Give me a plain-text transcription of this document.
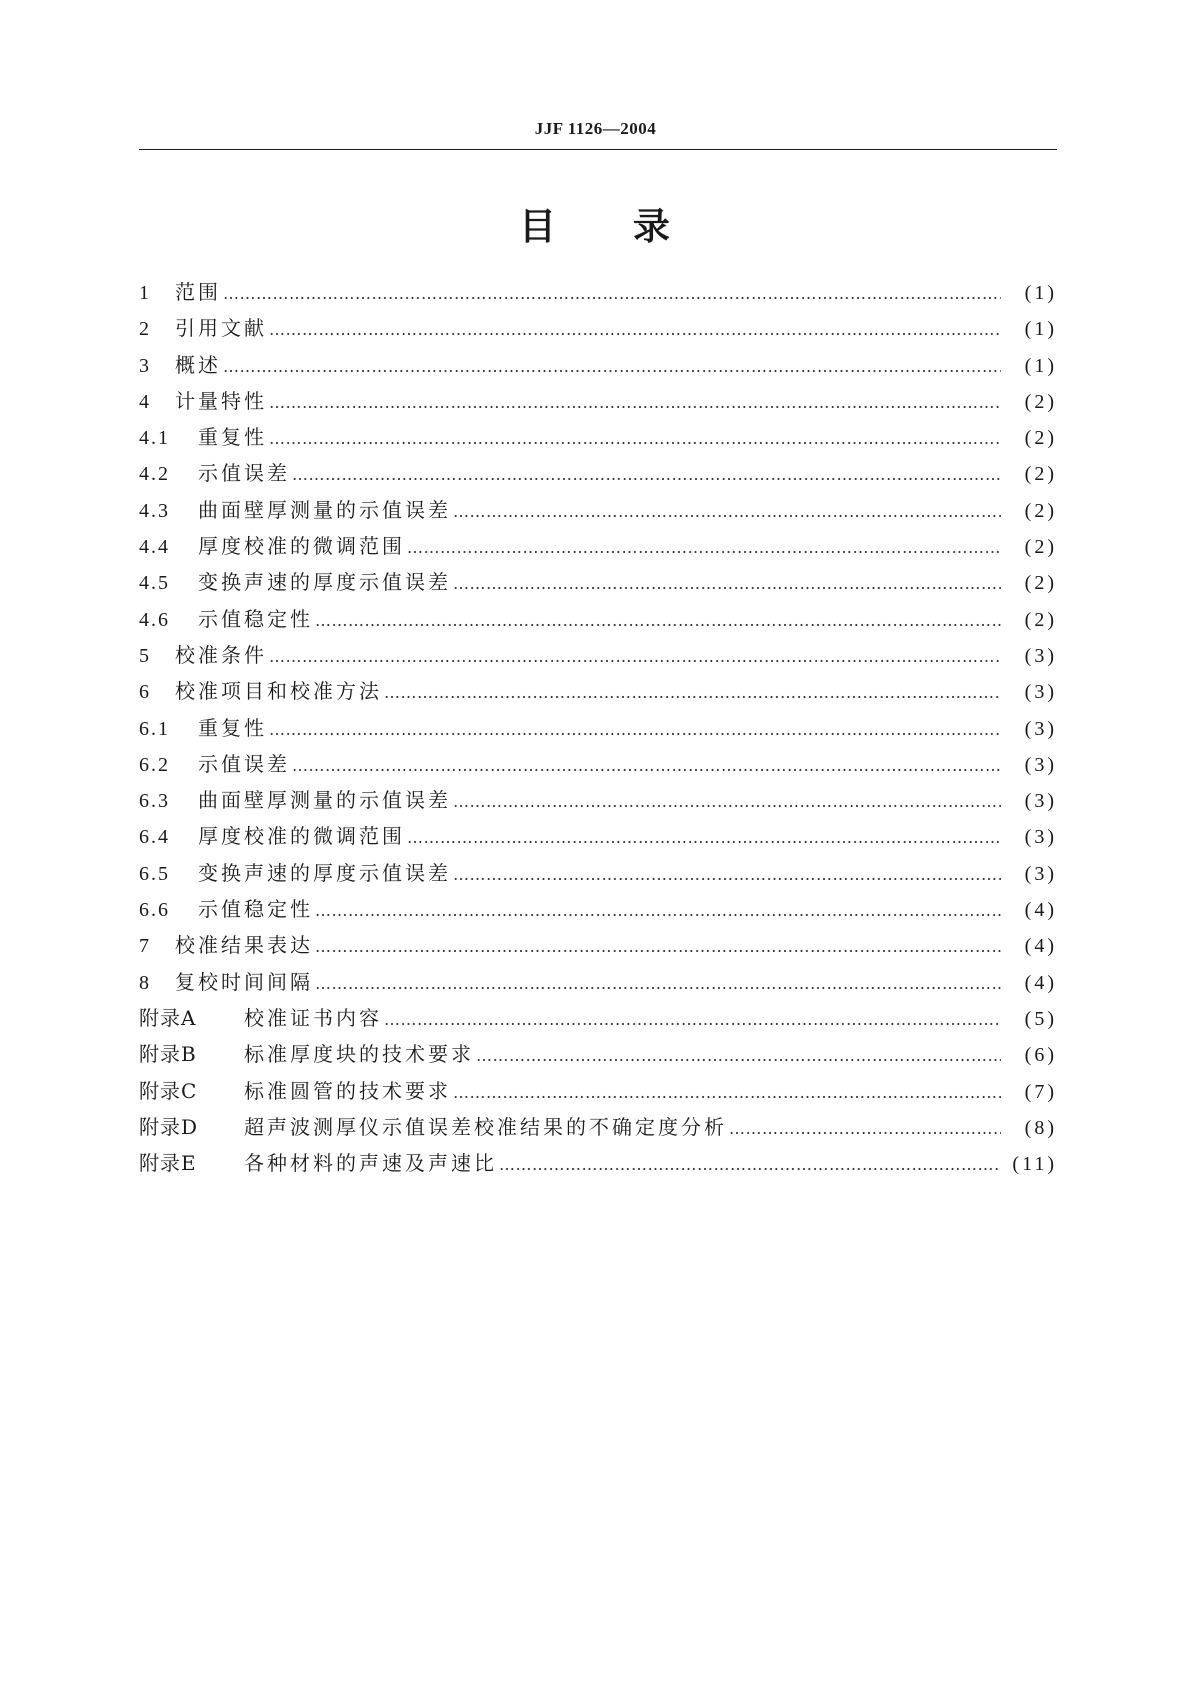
JJF 1126—2004
目 录
1	范围 ……………………………………………………………………………………………………………………………………………………………………	(1)
2	引用文献 ……………………………………………………………………………………………………………………………………………………………………	(1)
3	概述 ……………………………………………………………………………………………………………………………………………………………………	(1)
4	计量特性 ……………………………………………………………………………………………………………………………………………………………………	(2)
4.1	重复性 ……………………………………………………………………………………………………………………………………………………………………	(2)
4.2	示值误差 ……………………………………………………………………………………………………………………………………………………………………	(2)
4.3	曲面壁厚测量的示值误差 ……………………………………………………………………………………………………………………………………………………………………	(2)
4.4	厚度校准的微调范围 ……………………………………………………………………………………………………………………………………………………………………	(2)
4.5	变换声速的厚度示值误差 ……………………………………………………………………………………………………………………………………………………………………	(2)
4.6	示值稳定性 ……………………………………………………………………………………………………………………………………………………………………	(2)
5	校准条件 ……………………………………………………………………………………………………………………………………………………………………	(3)
6	校准项目和校准方法 ……………………………………………………………………………………………………………………………………………………………………	(3)
6.1	重复性 ……………………………………………………………………………………………………………………………………………………………………	(3)
6.2	示值误差 ……………………………………………………………………………………………………………………………………………………………………	(3)
6.3	曲面壁厚测量的示值误差 ……………………………………………………………………………………………………………………………………………………………………	(3)
6.4	厚度校准的微调范围 ……………………………………………………………………………………………………………………………………………………………………	(3)
6.5	变换声速的厚度示值误差 ……………………………………………………………………………………………………………………………………………………………………	(3)
6.6	示值稳定性 ……………………………………………………………………………………………………………………………………………………………………	(4)
7	校准结果表达 ……………………………………………………………………………………………………………………………………………………………………	(4)
8	复校时间间隔 ……………………………………………………………………………………………………………………………………………………………………	(4)
附录A	校准证书内容 ……………………………………………………………………………………………………………………………………………………………………	(5)
附录B	标准厚度块的技术要求 ……………………………………………………………………………………………………………………………………………………………………	(6)
附录C	标准圆管的技术要求 ……………………………………………………………………………………………………………………………………………………………………	(7)
附录D	超声波测厚仪示值误差校准结果的不确定度分析 ……………………………………………………………………………………………………………………………………………………………………	(8)
附录E	各种材料的声速及声速比 ……………………………………………………………………………………………………………………………………………………………………	(11)
